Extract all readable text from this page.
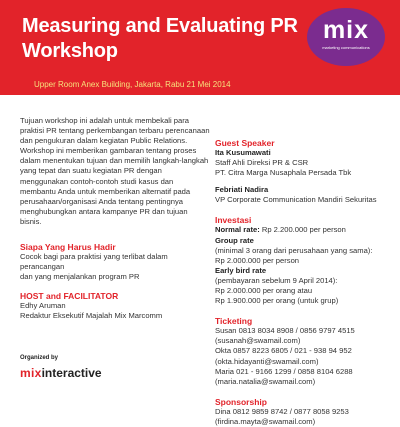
Measuring and Evaluating PR Workshop
Upper Room Anex Building, Jakarta, Rabu 21 Mei 2014
mix
marketing communications
Tujuan workshop ini adalah untuk membekali para praktisi PR tentang perkembangan terbaru perencanaan dan pengukuran dalam kegiatan Public Relations. Workshop ini memberikan gambaran tentang proses dalam menentukan tujuan dan memilih langkah-langkah yang tepat dan suatu kegiatan PR dengan menggunakan contoh-contoh studi kasus dan membantu Anda untuk memberikan alternatif pada perusahaan/organisasi Anda tentang pentingnya menghubungkan antara kampanye PR dan tujuan bisnis.
Siapa Yang Harus Hadir
Cocok bagi para praktisi yang terlibat dalam perancangan
dan yang menjalankan program PR
HOST and FACILITATOR
Edhy Aruman
Redaktur Eksekutif Majalah Mix Marcomm
Guest Speaker
Ita Kusumawati
Staff Ahli Direksi PR & CSR
PT. Citra Marga Nusaphala Persada Tbk
Febriati Nadira
VP Corporate Communication Mandiri Sekuritas
Investasi
Normal rate: Rp 2.200.000 per person
Group rate
(minimal 3 orang dari perusahaan yang sama):
Rp 2.000.000 per person
Early bird rate
(pembayaran sebelum 9 April 2014):
Rp 2.000.000 per orang atau
Rp 1.900.000 per orang (untuk grup)
Ticketing
Susan 0813 8034 8908 / 0856 9797 4515
(susanah@swamail.com)
Okta 0857 8223 6805 / 021 - 938 94 952
(okta.hidayanti@swamail.com)
Maria 021 - 9166 1299 / 0858 8104 6288
(maria.natalia@swamail.com)
Sponsorship
Dina 0812 9859 8742 / 0877 8058 9253
(firdina.mayta@swamail.com)
Organized by
mixinteractive
